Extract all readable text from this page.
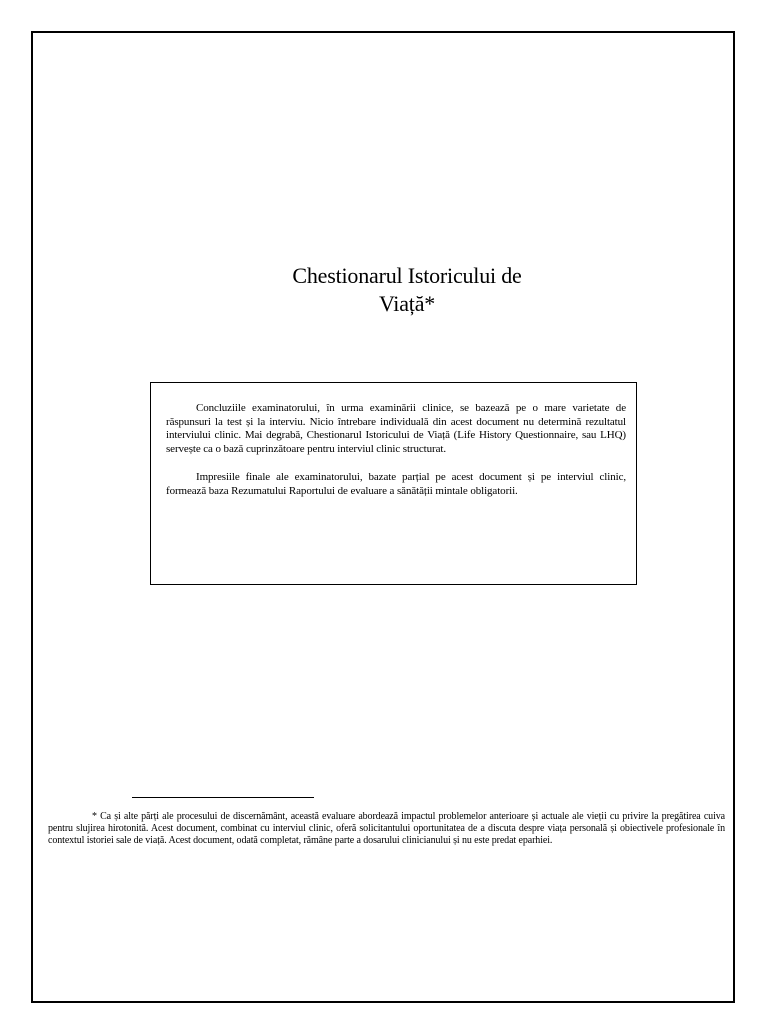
Chestionarul Istoricului de
Viață*

Concluziile examinatorului, în urma examinării clinice, se bazează pe o mare varietate de răspunsuri la test și la interviu. Nicio întrebare individuală din acest document nu determină rezultatul interviului clinic. Mai degrabă, Chestionarul Istoricului de Viață (Life History Questionnaire, sau LHQ) servește ca o bază cuprinzătoare pentru interviul clinic structurat.

Impresiile finale ale examinatorului, bazate parțial pe acest document și pe interviul clinic, formează baza Rezumatului Raportului de evaluare a sănătății mintale obligatorii.

* Ca și alte părți ale procesului de discernământ, această evaluare abordează impactul problemelor anterioare și actuale ale vieții cu privire la pregătirea cuiva pentru slujirea hirotonită. Acest document, combinat cu interviul clinic, oferă solicitantului oportunitatea de a discuta despre viața personală și obiectivele profesionale în contextul istoriei sale de viață. Acest document, odată completat, rămâne parte a dosarului clinicianului și nu este predat eparhiei.
